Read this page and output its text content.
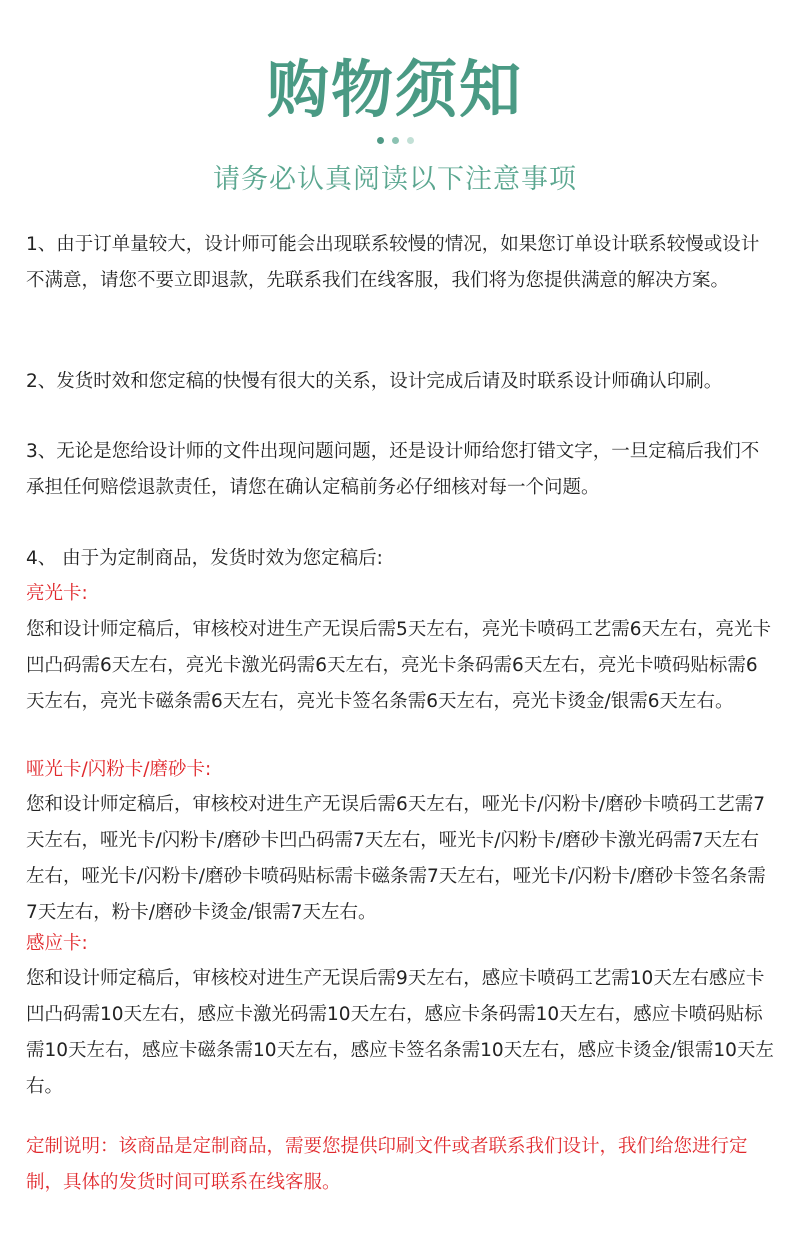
购物须知
请务必认真阅读以下注意事项
1、由于订单量较大，设计师可能会出现联系较慢的情况，如果您订单设计联系较慢或设计不满意，请您不要立即退款，先联系我们在线客服，我们将为您提供满意的解决方案。
2、发货时效和您定稿的快慢有很大的关系，设计完成后请及时联系设计师确认印刷。
3、无论是您给设计师的文件出现问题问题，还是设计师给您打错文字，一旦定稿后我们不承担任何赔偿退款责任，请您在确认定稿前务必仔细核对每一个问题。
4、 由于为定制商品，发货时效为您定稿后:
亮光卡:
您和设计师定稿后，审核校对进生产无误后需5天左右，亮光卡喷码工艺需6天左右，亮光卡凹凸码需6天左右，亮光卡激光码需6天左右，亮光卡条码需6天左右，亮光卡喷码贴标需6天左右，亮光卡磁条需6天左右，亮光卡签名条需6天左右，亮光卡烫金/银需6天左右。
哑光卡/闪粉卡/磨砂卡:
您和设计师定稿后，审核校对进生产无误后需6天左右，哑光卡/闪粉卡/磨砂卡喷码工艺需7天左右，哑光卡/闪粉卡/磨砂卡凹凸码需7天左右，哑光卡/闪粉卡/磨砂卡激光码需7天左右左右，哑光卡/闪粉卡/磨砂卡喷码贴标需卡磁条需7天左右，哑光卡/闪粉卡/磨砂卡签名条需7天左右，粉卡/磨砂卡烫金/银需7天左右。
感应卡:
您和设计师定稿后，审核校对进生产无误后需9天左右，感应卡喷码工艺需10天左右感应卡凹凸码需10天左右，感应卡激光码需10天左右，感应卡条码需10天左右，感应卡喷码贴标需10天左右，感应卡磁条需10天左右，感应卡签名条需10天左右，感应卡烫金/银需10天左右。
定制说明：该商品是定制商品，需要您提供印刷文件或者联系我们设计，我们给您进行定制，具体的发货时间可联系在线客服。
